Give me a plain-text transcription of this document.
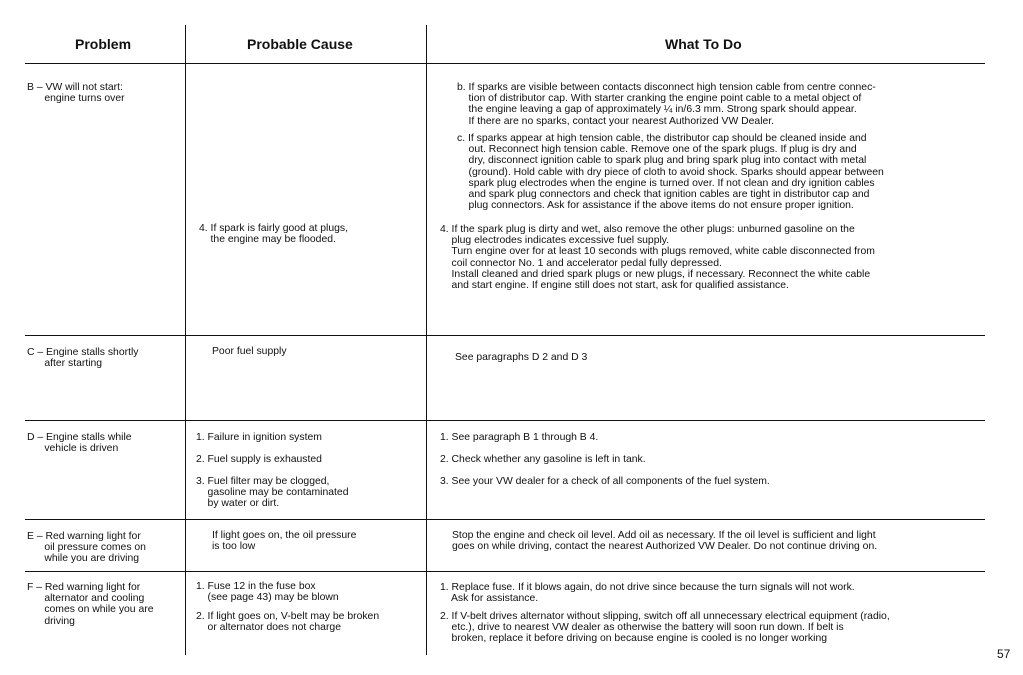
Problem	Probable Cause	What To Do
B – VW will not start:
engine turns over
4. If spark is fairly good at plugs,
the engine may be flooded.
b. If sparks are visible between contacts disconnect high tension cable from centre connec-
tion of distributor cap. With starter cranking the engine point cable to a metal object of
the engine leaving a gap of approximately ¼ in/6.3 mm. Strong spark should appear.
If there are no sparks, contact your nearest Authorized VW Dealer.
c. If sparks appear at high tension cable, the distributor cap should be cleaned inside and
out. Reconnect high tension cable. Remove one of the spark plugs. If plug is dry and
dry, disconnect ignition cable to spark plug and bring spark plug into contact with metal
(ground). Hold cable with dry piece of cloth to avoid shock. Sparks should appear between
spark plug electrodes when the engine is turned over. If not clean and dry ignition cables
and spark plug connectors and check that ignition cables are tight in distributor cap and
plug connectors. Ask for assistance if the above items do not ensure proper ignition.
4. If the spark plug is dirty and wet, also remove the other plugs: unburned gasoline on the
plug electrodes indicates excessive fuel supply.
Turn engine over for at least 10 seconds with plugs removed, white cable disconnected from
coil connector No. 1 and accelerator pedal fully depressed.
Install cleaned and dried spark plugs or new plugs, if necessary. Reconnect the white cable
and start engine. If engine still does not start, ask for qualified assistance.
C – Engine stalls shortly
after starting
Poor fuel supply
See paragraphs D 2 and D 3
D – Engine stalls while
vehicle is driven
1. Failure in ignition system
2. Fuel supply is exhausted
3. Fuel filter may be clogged,
gasoline may be contaminated
by water or dirt.
1. See paragraph B 1 through B 4.
2. Check whether any gasoline is left in tank.
3. See your VW dealer for a check of all components of the fuel system.
E – Red warning light for
oil pressure comes on
while you are driving
If light goes on, the oil pressure
is too low
Stop the engine and check oil level. Add oil as necessary. If the oil level is sufficient and light
goes on while driving, contact the nearest Authorized VW Dealer. Do not continue driving on.
F – Red warning light for
alternator and cooling
comes on while you are
driving
1. Fuse 12 in the fuse box
(see page 43) may be blown
2. If light goes on, V-belt may be broken
or alternator does not charge
1. Replace fuse. If it blows again, do not drive since because the turn signals will not work.
Ask for assistance.
2. If V-belt drives alternator without slipping, switch off all unnecessary electrical equipment (radio,
etc.), drive to nearest VW dealer as otherwise the battery will soon run down. If belt is
broken, replace it before driving on because engine is cooled is no longer working
57
